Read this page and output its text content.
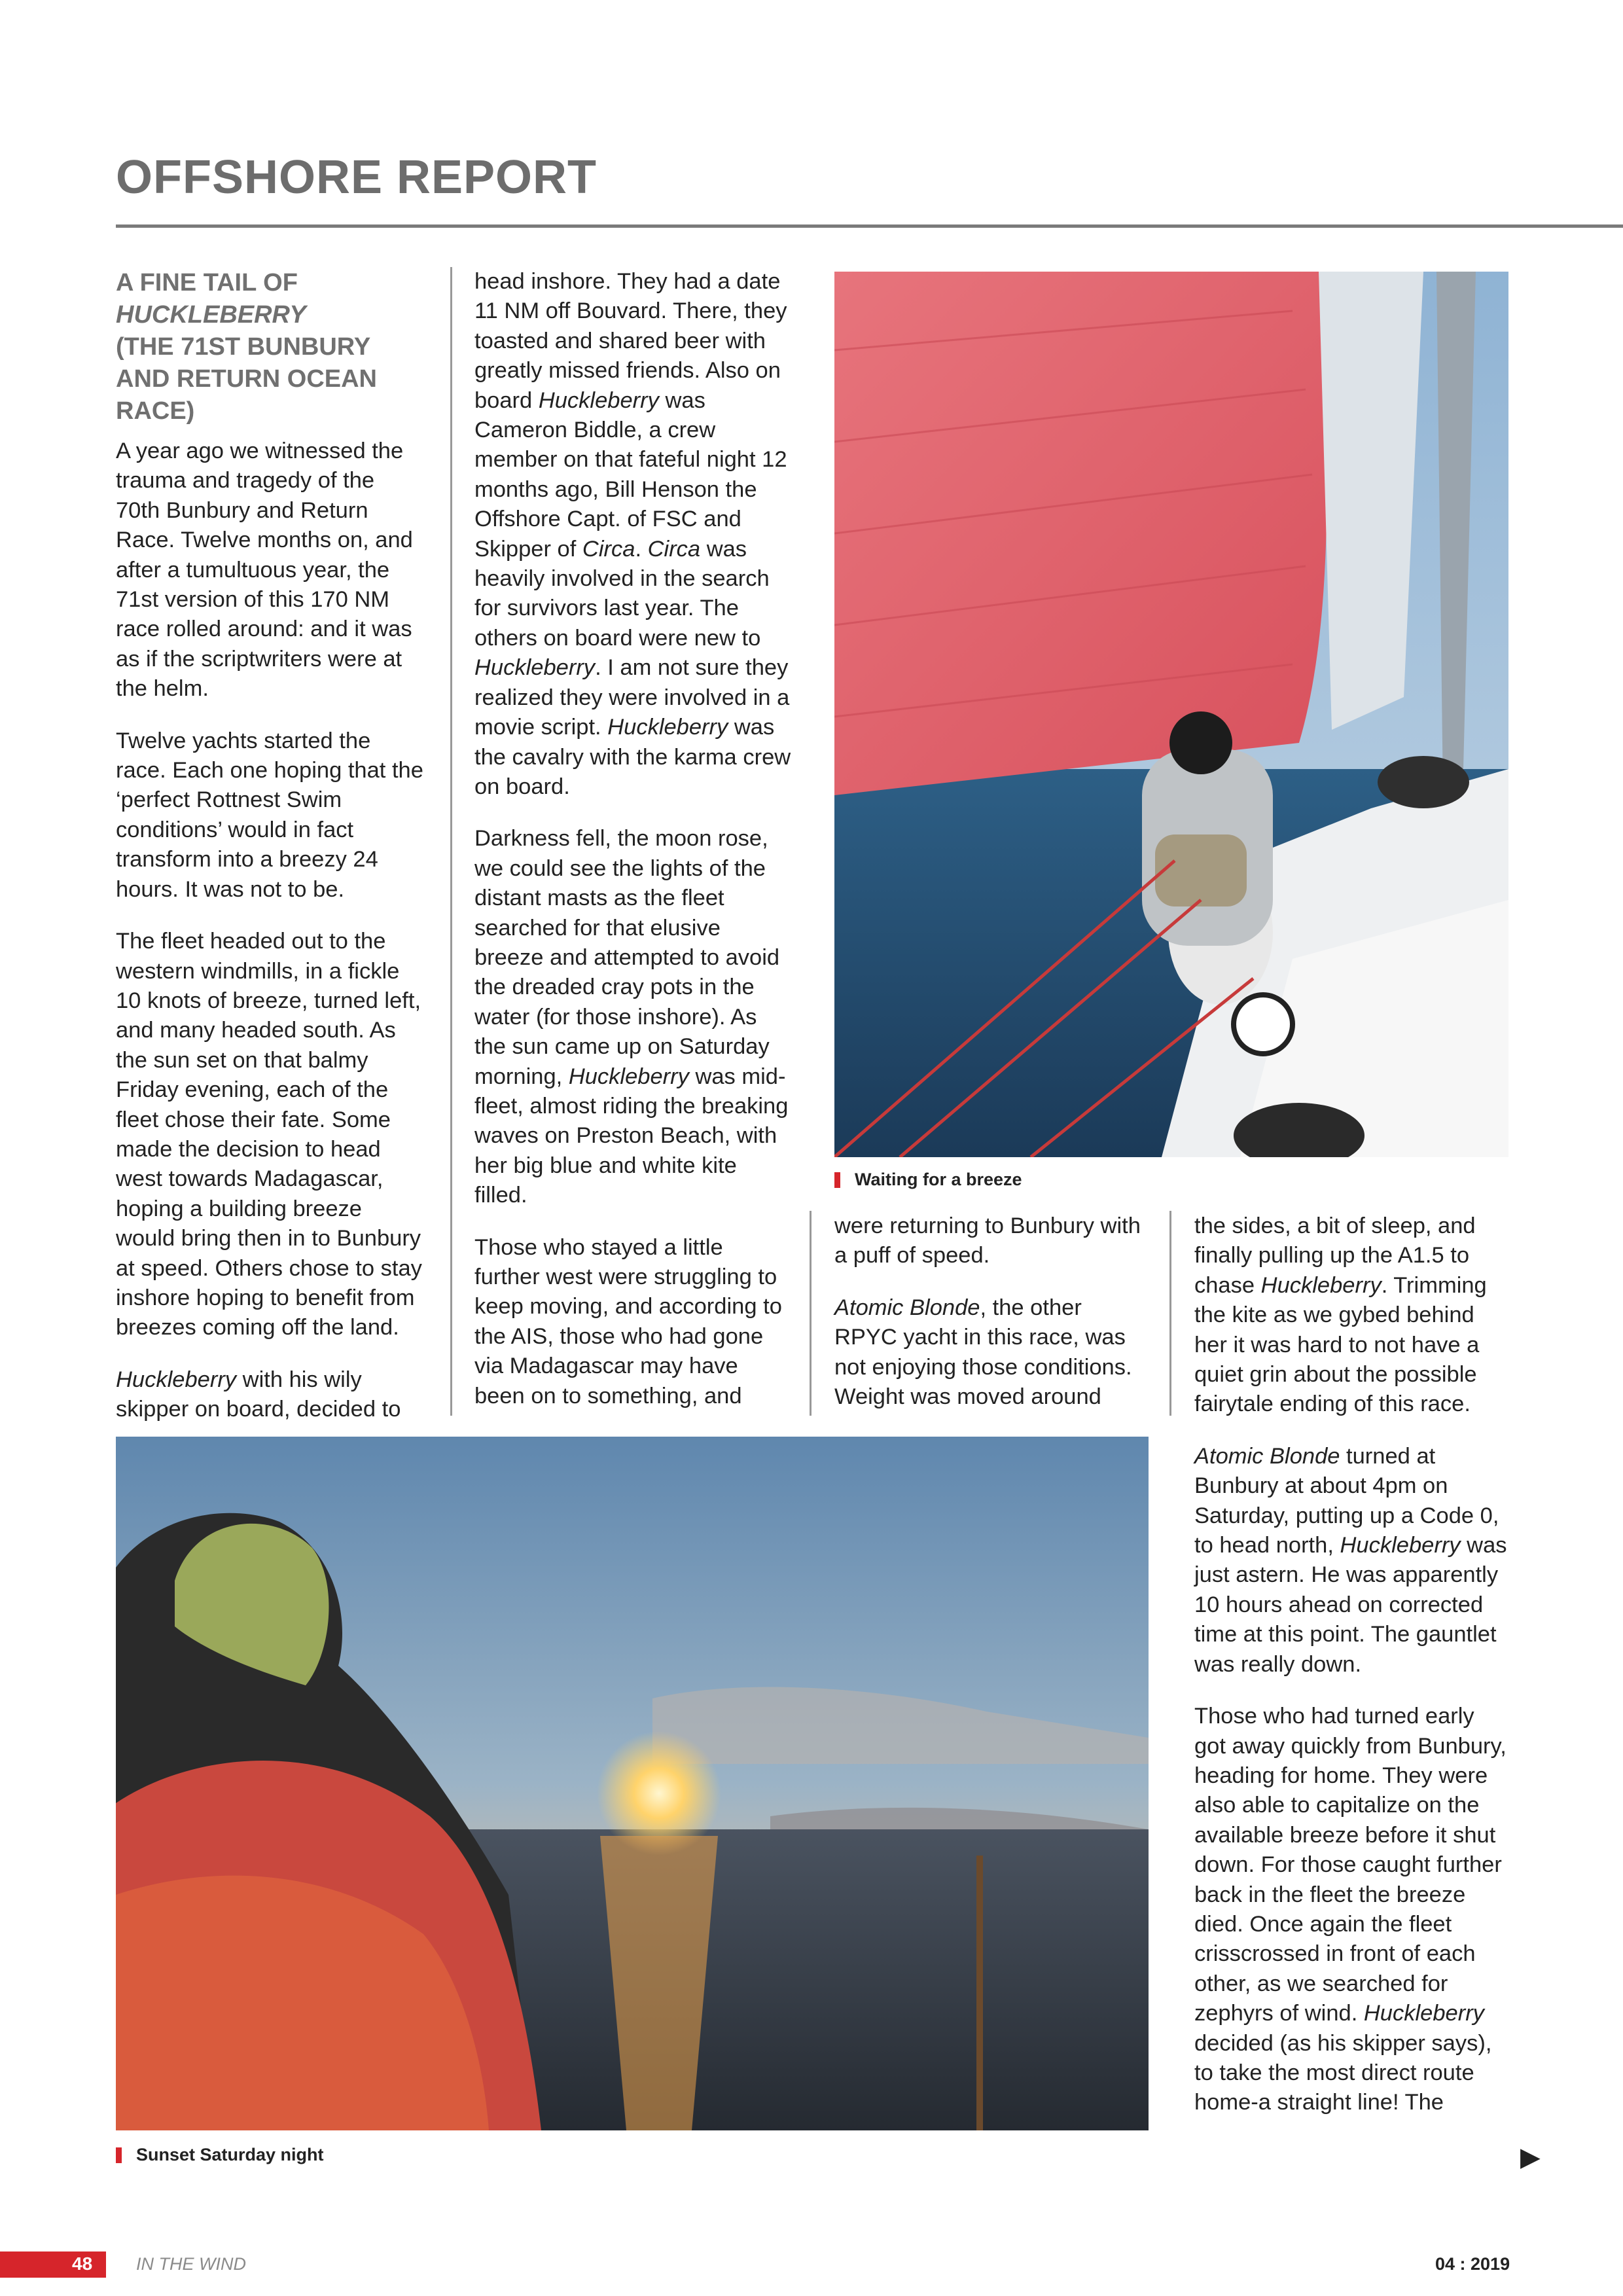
OFFSHORE REPORT
A FINE TAIL OF
HUCKLEBERRY
(THE 71ST BUNBURY AND RETURN OCEAN RACE)

A year ago we witnessed the trauma and tragedy of the 70th Bunbury and Return Race. Twelve months on, and after a tumultuous year, the 71st version of this 170 NM race rolled around: and it was as if the scriptwriters were at the helm.

Twelve yachts started the race. Each one hoping that the ‘perfect Rottnest Swim conditions’ would in fact transform into a breezy 24 hours. It was not to be.

The fleet headed out to the western windmills, in a fickle 10 knots of breeze, turned left, and many headed south. As the sun set on that balmy Friday evening, each of the fleet chose their fate. Some made the decision to head west towards Madagascar, hoping a building breeze would bring then in to Bunbury at speed. Others chose to stay inshore hoping to benefit from breezes coming off the land.

Huckleberry with his wily skipper on board, decided to

head inshore. They had a date 11 NM off Bouvard. There, they toasted and shared beer with greatly missed friends. Also on board Huckleberry was Cameron Biddle, a crew member on that fateful night 12 months ago, Bill Henson the Offshore Capt. of FSC and Skipper of Circa. Circa was heavily involved in the search for survivors last year. The others on board were new to Huckleberry. I am not sure they realized they were involved in a movie script. Huckleberry was the cavalry with the karma crew on board.

Darkness fell, the moon rose, we could see the lights of the distant masts as the fleet searched for that elusive breeze and attempted to avoid the dreaded cray pots in the water (for those inshore). As the sun came up on Saturday morning, Huckleberry was mid-fleet, almost riding the breaking waves on Preston Beach, with her big blue and white kite filled.

Those who stayed a little further west were struggling to keep moving, and according to the AIS, those who had gone via Madagascar may have been on to something, and

Waiting for a breeze

were returning to Bunbury with a puff of speed.

Atomic Blonde, the other RPYC yacht in this race, was not enjoying those conditions. Weight was moved around

the sides, a bit of sleep, and finally pulling up the A1.5 to chase Huckleberry. Trimming the kite as we gybed behind her it was hard to not have a quiet grin about the possible fairytale ending of this race.

Atomic Blonde turned at Bunbury at about 4pm on Saturday, putting up a Code 0, to head north, Huckleberry was just astern. He was apparently 10 hours ahead on corrected time at this point. The gauntlet was really down.

Those who had turned early got away quickly from Bunbury, heading for home. They were also able to capitalize on the available breeze before it shut down. For those caught further back in the fleet the breeze died. Once again the fleet crisscrossed in front of each other, as we searched for zephyrs of wind. Huckleberry decided (as his skipper says), to take the most direct route home-a straight line! The

Sunset Saturday night	▶
48 IN THE WIND	04 : 2019
